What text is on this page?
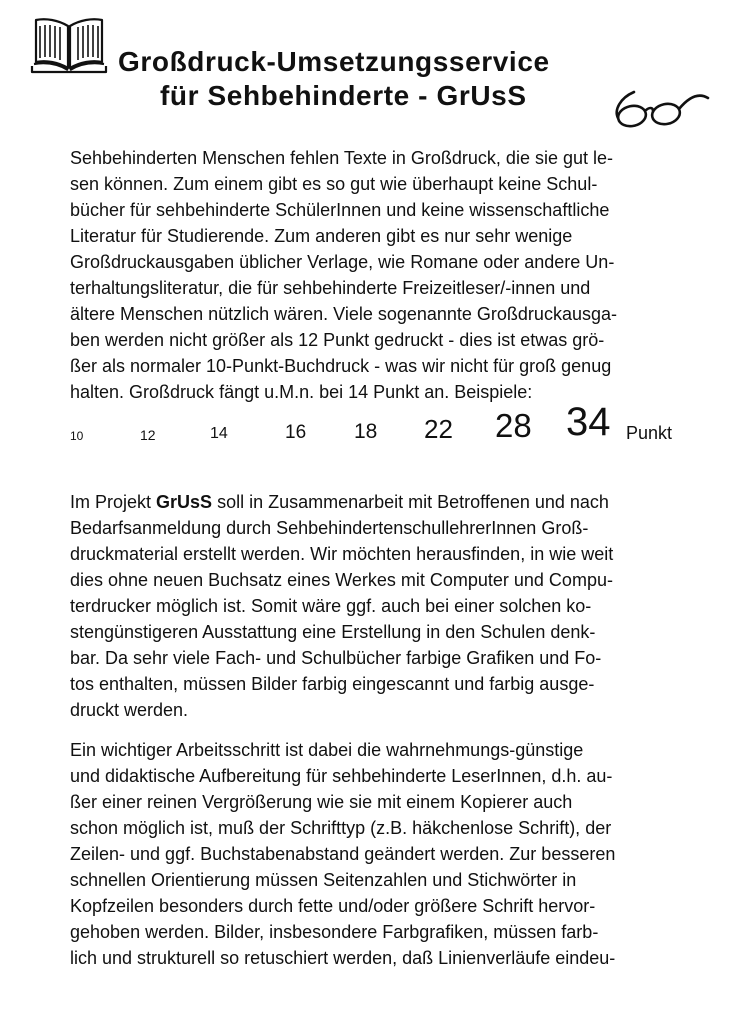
Großdruck-Umsetzungsservice
für Sehbehinderte - GrUsS
Sehbehinderten Menschen fehlen Texte in Großdruck, die sie gut le-
sen können. Zum einem gibt es so gut wie überhaupt keine Schul-
bücher für sehbehinderte SchülerInnen und keine wissenschaftliche
Literatur für Studierende. Zum anderen gibt es nur sehr wenige
Großdruckausgaben üblicher Verlage, wie Romane oder andere Un-
terhaltungsliteratur, die für sehbehinderte Freizeitleser/-innen und
ältere Menschen nützlich wären. Viele sogenannte Großdruckausga-
ben werden nicht größer als 12 Punkt gedruckt - dies ist etwas grö-
ßer als normaler 10-Punkt-Buchdruck - was wir nicht für groß genug
halten. Großdruck fängt u.M.n. bei 14 Punkt an. Beispiele:
10	12	14	16 18 22 28 34 Punkt
Im Projekt GrUsS soll in Zusammenarbeit mit Betroffenen und nach
Bedarfsanmeldung durch SehbehindertenschullehrerInnen Groß-
druckmaterial erstellt werden. Wir möchten herausfinden, in wie weit
dies ohne neuen Buchsatz eines Werkes mit Computer und Compu-
terdrucker möglich ist. Somit wäre ggf. auch bei einer solchen ko-
stengünstigeren Ausstattung eine Erstellung in den Schulen denk-
bar. Da sehr viele Fach- und Schulbücher farbige Grafiken und Fo-
tos enthalten, müssen Bilder farbig eingescannt und farbig ausge-
druckt werden.
Ein wichtiger Arbeitsschritt ist dabei die wahrnehmungs-günstige
und didaktische Aufbereitung für sehbehinderte LeserInnen, d.h. au-
ßer einer reinen Vergrößerung wie sie mit einem Kopierer auch
schon möglich ist, muß der Schrifttyp (z.B. häkchenlose Schrift), der
Zeilen- und ggf. Buchstabenabstand geändert werden. Zur besseren
schnellen Orientierung müssen Seitenzahlen und Stichwörter in
Kopfzeilen besonders durch fette und/oder größere Schrift hervor-
gehoben werden. Bilder, insbesondere Farbgrafiken, müssen farb-
lich und strukturell so retuschiert werden, daß Linienverläufe eindeu-
